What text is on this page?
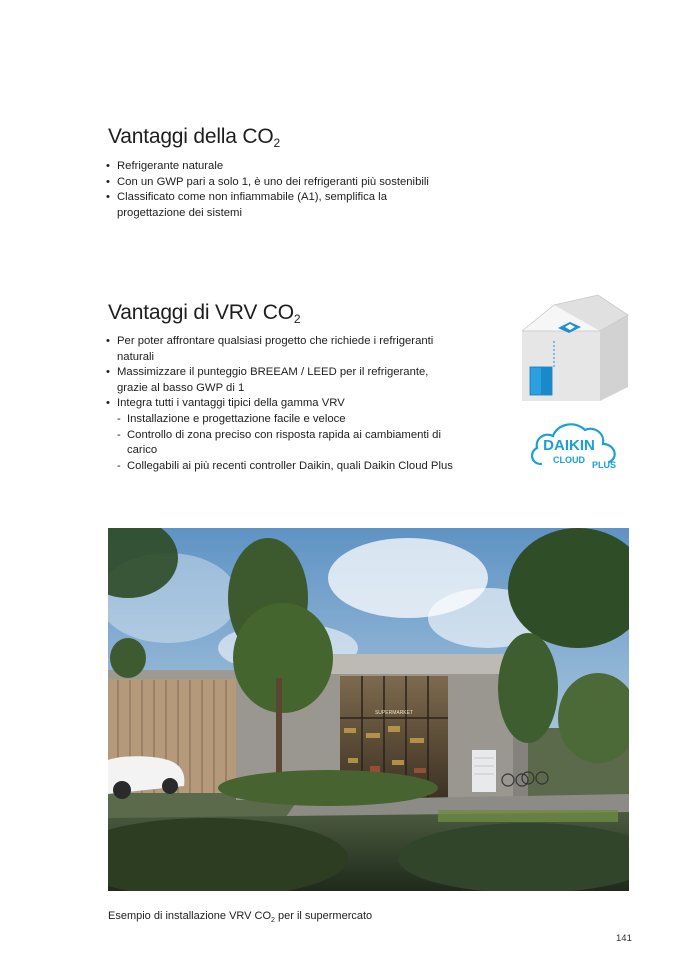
Vantaggi della $CO_2$
• Refrigerante naturale
• Con un GWP pari a solo 1, è uno dei refrigeranti più sostenibili
• Classificato come non infiammabile (A1), semplifica la progettazione dei sistemi
Vantaggi di VRV $CO_2$
• Per poter affrontare qualsiasi progetto che richiede i refrigeranti naturali
• Massimizzare il punteggio BREEAM / LEED per il refrigerante, grazie al basso GWP di 1
• Integra tutti i vantaggi tipici della gamma VRV
- Installazione e progettazione facile e veloce
- Controllo di zona preciso con risposta rapida ai cambiamenti di carico
- Collegabili ai più recenti controller Daikin, quali Daikin Cloud Plus
DAIKIN
CLOUD PLUS
SUPERMARKET
Esempio di installazione VRV $CO_2$ per il supermercato
141
